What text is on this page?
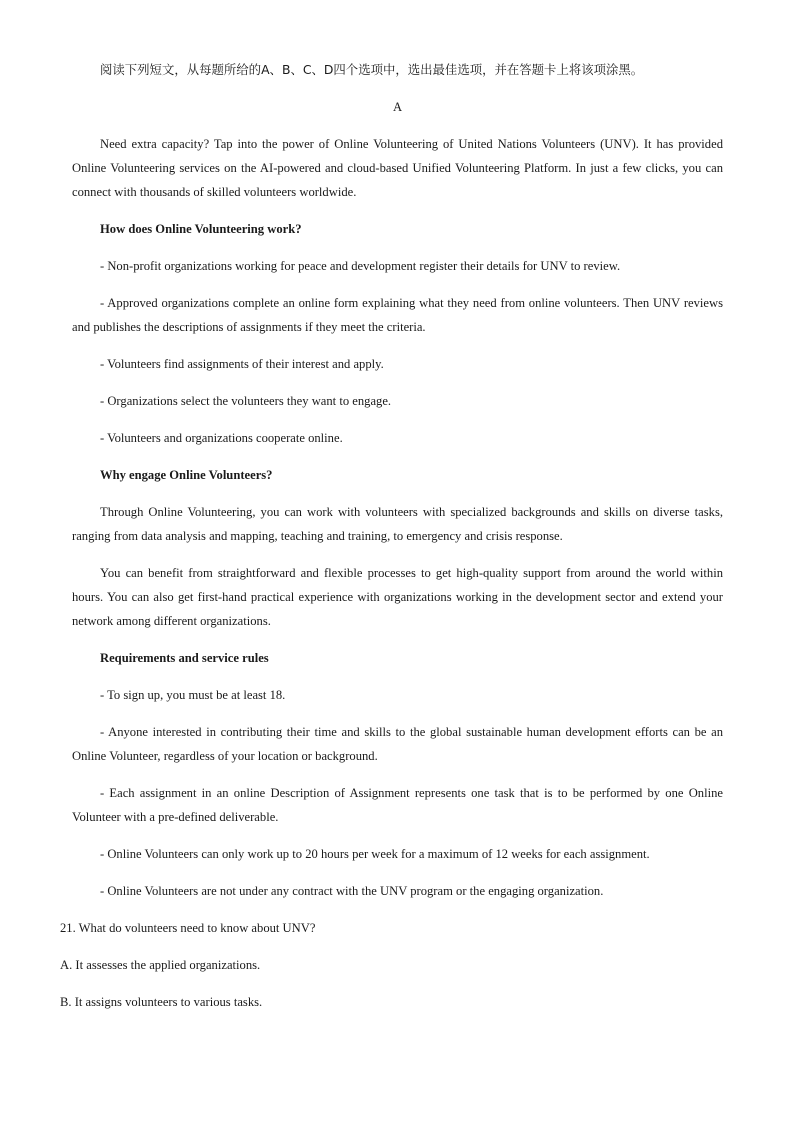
阅读下列短文，从每题所给的A、B、C、D四个选项中，选出最佳选项，并在答题卡上将该项涂黑。

A

Need extra capacity? Tap into the power of Online Volunteering of United Nations Volunteers (UNV). It has provided Online Volunteering services on the AI-powered and cloud-based Unified Volunteering Platform. In just a few clicks, you can connect with thousands of skilled volunteers worldwide.

How does Online Volunteering work?

- Non-profit organizations working for peace and development register their details for UNV to review.

- Approved organizations complete an online form explaining what they need from online volunteers. Then UNV reviews and publishes the descriptions of assignments if they meet the criteria.

- Volunteers find assignments of their interest and apply.

- Organizations select the volunteers they want to engage.

- Volunteers and organizations cooperate online.

Why engage Online Volunteers?

Through Online Volunteering, you can work with volunteers with specialized backgrounds and skills on diverse tasks, ranging from data analysis and mapping, teaching and training, to emergency and crisis response.

You can benefit from straightforward and flexible processes to get high-quality support from around the world within hours. You can also get first-hand practical experience with organizations working in the development sector and extend your network among different organizations.

Requirements and service rules

- To sign up, you must be at least 18.

- Anyone interested in contributing their time and skills to the global sustainable human development efforts can be an Online Volunteer, regardless of your location or background.

- Each assignment in an online Description of Assignment represents one task that is to be performed by one Online Volunteer with a pre-defined deliverable.

- Online Volunteers can only work up to 20 hours per week for a maximum of 12 weeks for each assignment.

- Online Volunteers are not under any contract with the UNV program or the engaging organization.

21. What do volunteers need to know about UNV?

A. It assesses the applied organizations.

B. It assigns volunteers to various tasks.
